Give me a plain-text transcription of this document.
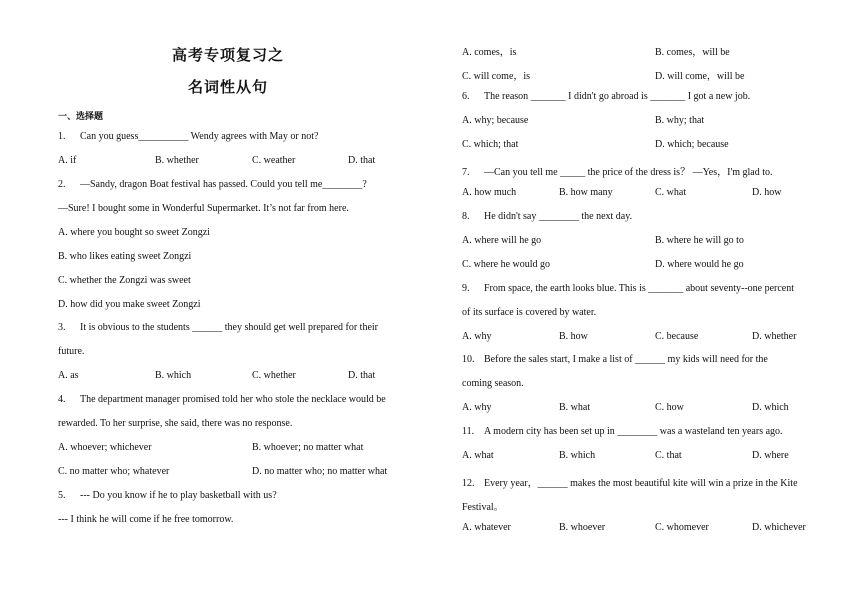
高考专项复习之
名词性从句
一、选择题
1. Can you guess__________ Wendy agrees with May or not?
A. if	B. whether	C. weather	D. that
2. —Sandy, dragon Boat festival has passed. Could you tell me________?
—Sure! I bought some in Wonderful Supermarket. It’s not far from here.
A. where you bought so sweet Zongzi
B. who likes eating sweet Zongzi
C. whether the Zongzi was sweet
D. how did you make sweet Zongzi
3. It is obvious to the students ______ they should get well prepared for their
future.
A. as	B. which	C. whether	D. that
4. The department manager promised told her who stole the necklace would be
rewarded. To her surprise, she said, there was no response.
A. whoever; whichever	B. whoever; no matter what
C. no matter who; whatever	D. no matter who; no matter what
5. --- Do you know if he to play basketball with us?
--- I think he will come if he free tomorrow.
A. comes，is	B. comes，will be
C. will come，is	D. will come，will be
6. The reason _______ I didn't go abroad is _______ I got a new job.
A. why; because	B. why; that
C. which; that	D. which; because
7. —Can you tell me _____ the price of the dress is？ —Yes，I'm glad to.
A. how much	B. how many	C. what	D. how
8. He didn't say ________ the next day.
A. where will he go	B. where he will go to
C. where he would go	D. where would he go
9. From space, the earth looks blue. This is _______ about seventy--one percent
of its surface is covered by water.
A. why	B. how	C. because	D. whether
10. Before the sales start, I make a list of ______ my kids will need for the
coming season.
A. why	B. what	C. how	D. which
11. A modern city has been set up in ________ was a wasteland ten years ago.
A. what	B. which	C. that	D. where
12. Every year，______ makes the most beautiful kite will win a prize in the Kite
Festival。
A. whatever	B. whoever	C. whomever	D. whichever
